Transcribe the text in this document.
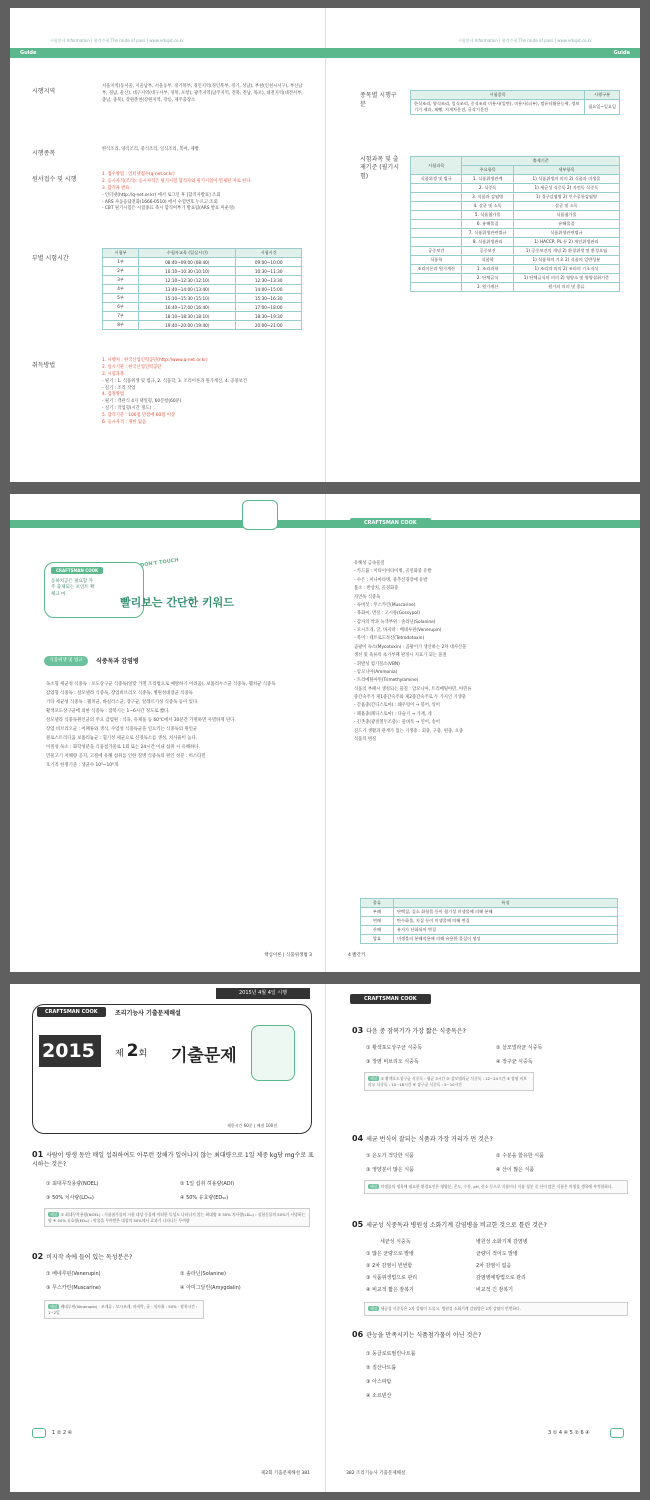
시험안내 Information | 합격수험 The route of pass | www.edupd.co.kr	시험안내 Information | 합격수험 The route of pass | www.edupd.co.kr
Guide	Guide
시행지역
서울지역(동서울, 서울남부, 서울동부, 경기북부, 경인지역(경인북부, 경기, 성남), 부천(인천시서구), 부산남부, 경남, 울산), 대구지역(대구서부, 경북, 포항), 광주지역(남주지역, 전북, 전남, 목포), 대전지역(대전서부, 충남, 충북), 강원춘천(강원지역, 강릉, 제주출장소
시행종목
한식조리, 양식조리, 중식조리, 일식조리, 복어, 제빵
원서접수 및 시행
1. 접수방법 : 인터넷접수(q-net.or.kr)
2. 응시자격(조리): 응시자격은 필기시험 합격자와 필기시험이 면제된 자로 한다.
3. 합격자 발표
- 인터넷(http://q-net.or.kr) 에서 로그인 후 [합격자발표] 조회
- ARS 자동응답전화(1666-0510) 에서 수험번호 누르고 조회
- CBT 필기시험은 시험종료 즉시 합격여부가 발표됨(ARS 발표 미운영)
부별 시험시간
시험부	수험자교육 (입실시간)	시험시간
1부	08:40~09:00 (08:40)	09:00~10:00
2부	10:10~10:30 (10:10)	10:30~11:30
3부	12:10~12:30 (12:10)	12:30~13:30
4부	13:40~14:00 (13:40)	14:00~15:00
5부	15:10~15:30 (15:10)	15:30~16:30
6부	16:40~17:00 (16:40)	17:00~18:00
7부	18:10~18:30 (18:10)	18:30~19:30
8부	19:40~20:00 (19:40)	20:00~21:00
취득방법
1. 시행처 : 한국산업인력공단(http://www.q-net.or.kr)
2. 실시기관 : 한국산업인력공단
3. 시험과목
- 필기 : 1. 식품위생 및 법규, 2. 식품학, 3. 조리이론과 원가계산, 4. 공중보건
- 실기 : 조리 작업
4. 검정방법
- 필기 : 객관식 4지 택일형, 60문항(60분)
- 실기 : 작업형(시간 정도)
5. 합격기준 : 100점 만점에 60점 이상
6. 응시자격 : 제한 없음
종목별 시행구분
시험종목	시행구분
한식조리, 양식조리, 일식조리, 중식조리 미용사(일반), 미용사(피부), 컴퓨터활용능력, 정보기기 제과, 제빵, 지게차운전, 굴삭기운전	필요일~일요일
시험과목 및 출제기준 (필기시험)
시험과목	출제기준	
	주요항목	세부항목
식품위생 및 법규	1. 식품위생관계	1) 식품위생의 의의 2) 식품과 미생물
	2. 식중독	1) 세균성 식중독 2) 자연독 식중독
	3. 식품과 감염병	1) 경구감염병 2) 인수공통감염병
	4. 살균 및 소독	살균 및 소독
	5. 식품첨가물	식품첨가물
	6. 유해물질	유해물질
	7. 식품위생관련법규	식품위생관련법규
	8. 식품위생관리	1) HACCP, PL 등 2) 개인위생관리
공중보건	공중보건	1) 공중보건의 개념 2) 환경위생 및 환경오염
식품학	식품학	1) 식품학의 기초 2) 식품의 일반성분
조리이론과 원가계산	1. 조리과학	1) 조리의 의의 2) 조리의 기초지식
	2. 단체급식	1) 단체급식의 의의 2) 영양소 및 영양섭취기준
	3. 원가계산	원가의 의의 및 종류
CRAFTSMAN COOK
CRAFTSMAN COOK
동하치공은 필요할 자주 출제되는 포인트 확 체크 마
DON'T TOUCH
빨리보는 간단한 키워드
식품위생 및 법규	식중독과 감염병
독소형 세균성 식중독 : 포도상구균 식중독(알맞 가열 조리법으로 예방하기 어려움), 보툴리누스균 식중독, 웰치균 식중독
감염형 식중독 : 살모넬라 식중독, 장염비브리오 식중독, 병원성대장균 식중독
기타 세균성 식중독 : 웰치균, 바실러스균, 장구균, 알레르기성 식중독 등이 있다.
황색포도상구균에 의한 식중독 : 잠복기는 1~6시간 정도로 짧다.
살모넬라 식중독원인균의 주요 감염원 : 식육, 유제품 등 60℃에서 30분간 가열하면 사멸하게 된다.
장염 비브리오균 : 어패류와 생식, 수염성 식중독균을 일으키는 식중독의 원인균
클로스트리디움 보툴리늄균 : 혐기성 세균으로 신경독소를 생성, 치사율이 높다.
이질성 독소 : 화학성분을 식품첨가물로 1회 또는 24시간 이내 섭취 시 유해하다.
민물고기 저해량 공지, 고질에 유해 섭취를 인한 질병 식중독의 원인 성분 : 히스타민
호기적 한정기준 : 생균수 10⁵~10⁶개
유해성 금속물질
- 카드뮴 : 이타이이타이병, 골연화증 유발
- 수은 : 미나마타병, 중추신경장애 유발
불소 : 반상치, 골경화증
자연독 식중독
- 독버섯 : 무스카린(Muscarine)
- 목화씨, 면실 : 고시폴(Gossypol)
- 감자의 싹과 녹색부위 : 솔라닌(Solanine)
- 모시조개, 굴, 바지락 : 베네루핀(Venerupin)
- 복어 : 테트로도톡신(Tetrodotoxin)
곰팡이 독소(Mycotoxin) : 곰팡이가 생산하는 2차 대사산물
생선 및 육류의 초기부패 판정시 지표가 되는 물질
- 휘발성 염기질소(VBN)
- 암모니아(Ammonia)
- 트리메틸아민(Trimethylamine)
식품의 부패시 생성되는 물질 : 암모니아, 트리메틸아민, 아민류
중간숙주가 제1중간숙주와 제2중간숙주로 두 가지인 기생충
- 간흡충(간디스토마) : 왜우렁이 → 붕어, 잉어
- 폐흡충(폐디스토마) : 다슬기 → 가재, 게
- 긴촌충(광절열두조충) : 물벼룩 → 연어, 송어
진드기 생활과 관계가 있는 기생충 : 회충, 구충, 편충, 요충
식품의 변질
종류	특징
부패	단백질, 질소 화합물 등이 혐기성 미생물에 의해 분해
변패	탄수화물, 지질 등이 미생물에 의해 변질
산패	유지가 산화되어 변질
발효	미생물의 분해작용에 의해 유용한 물질이 생성
핵심이론 | 식품위생법 3	4 빨간키
2015년 4월 4일 시행
CRAFTSMAN COOK	조리기능사 기출문제해설
2015년
제 2회 기출문제
제한시간 60분 | 배점 100점
01 사람이 평생 동안 매일 섭취하여도 아무런 장해가 일어나지 않는 최대량으로 1일 체중 kg당 mg수로 표시하는 것은?
① 최대무작용량(NOEL)	② 1일 섭취 허용량(ADI)
③ 50% 치사량(LD₅₀)	④ 50% 유효량(ED₅₀)
해설 ① 최대무작용량(NOEL) : 식품첨가물의 시험 대상 동물에 어떠한 독성도 나타나지 않는 최대량 ③ 50% 치사량(LD₅₀) : 실험동물의 50%가 사망하는 양 ④ 50% 유효량(ED₅₀) : 약물을 투여받은 대상의 50%에서 효과가 나타나는 투여량
02 비지작 속에 들어 있는 독성분은?
① 베네루핀(Venerupin)	② 솔라닌(Solanine)
③ 무스카린(Muscarine)	④ 아미그달린(Amygdalin)
해설 베네루핀(Venerupin) · 조개류 : 모시조개, 바지락, 굴 · 치사율 : 50% · 잠복시간 : 1~2일
CRAFTSMAN COOK
03 다음 중 잠복기가 가장 짧은 식중독은?
① 황색포도상구균 식중독	② 살모넬라균 식중독
③ 장염 비브리오 식중독	④ 장구균 식중독
해설 ① 황색포도상구균 식중독 : 평균 3시간 ② 살모넬라균 식중독 : 12~24시간 ③ 장염 비브리오 식중독 : 10~18시간 ④ 장구균 식중독 : 5~10시간
04 세균 번식이 잘되는 식품과 가장 거리가 먼 것은?
① 온도가 적당한 식품	② 수분을 함유한 식품
③ 영양분이 많은 식품	④ 산이 많은 식품
해설 미생물의 생육에 필요한 환경요인은 영양분, 온도, 수분, pH, 산소 등으로 식품이나 식품 성분 중 산이 많은 식품은 미생물 생육에 부적합하다.
05 세균성 식중독과 병원성 소화기계 감염병을 비교한 것으로 틀린 것은?
세균성 식중독	병원성 소화기계 감염병
① 많은 균량으로 발병	균량이 적어도 발병
② 2차 감염이 빈번함	2차 감염이 없음
③ 식품위생법으로 관리	감염병예방법으로 관리
④ 비교적 짧은 잠복기	비교적 긴 잠복기
해설 세균성 식중독은 2차 감염이 드물고, 병원성 소화기계 감염병은 2차 감염이 빈번하다.
06 관능을 만족시키는 식품첨가물이 아닌 것은?
① 동클로로필린나트륨
② 질산나트륨
③ 아스파탐
④ 소르빈산
1 ② 2 ④	3 ① 4 ④ 5 ② 6 ④
제2회 기출문제해설 381	382 조리기능사 기출문제해설
